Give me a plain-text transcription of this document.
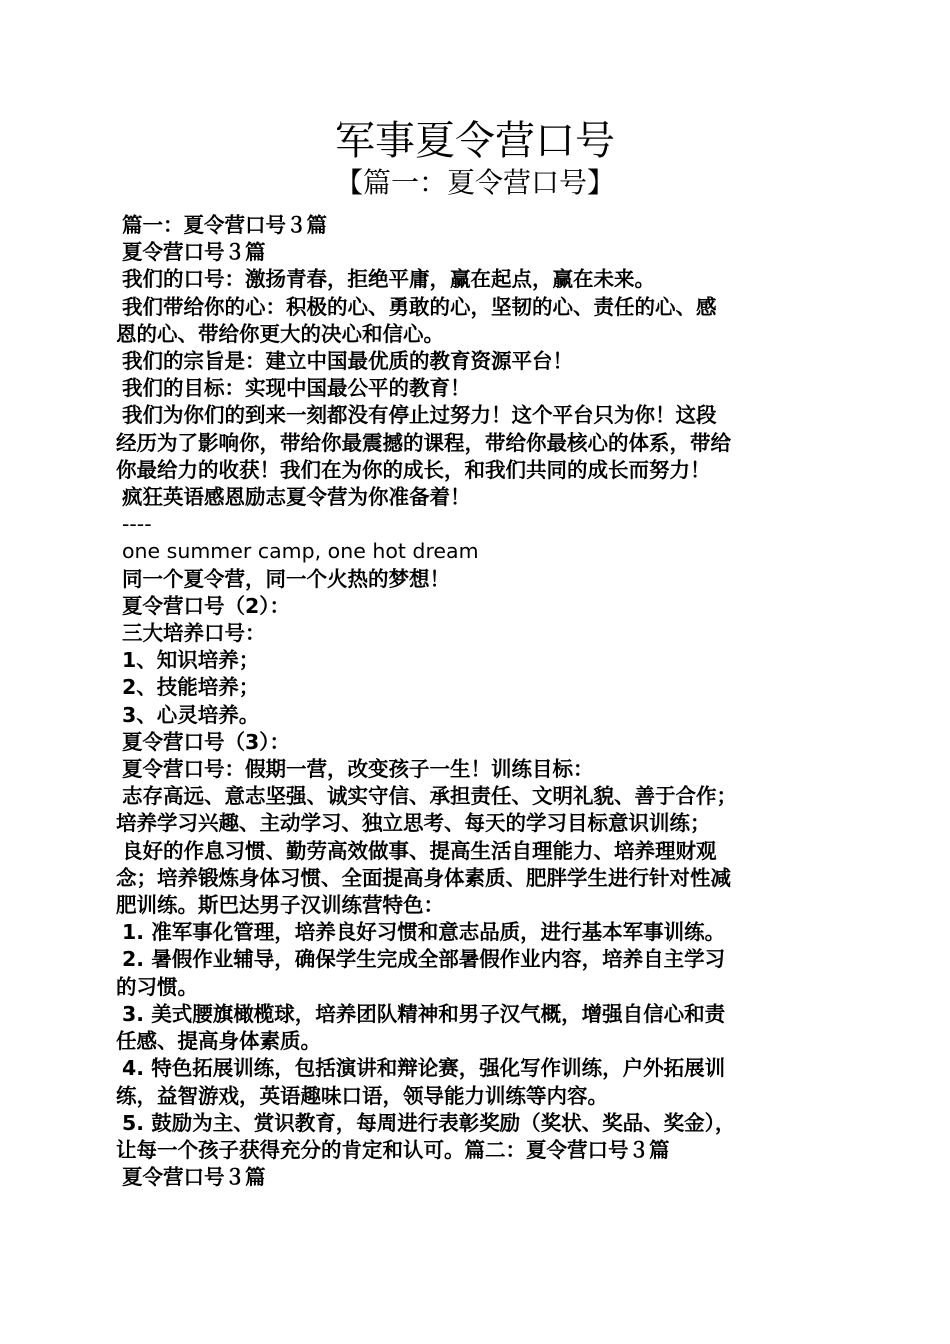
军事夏令营口号
【篇一：夏令营口号】
篇一：夏令营口号３篇
夏令营口号３篇
我们的口号：激扬青春，拒绝平庸，赢在起点，赢在未来。
我们带给你的心：积极的心、勇敢的心，坚韧的心、责任的心、感
恩的心、带给你更大的决心和信心。
我们的宗旨是：建立中国最优质的教育资源平台！
我们的目标：实现中国最公平的教育！
我们为你们的到来一刻都没有停止过努力！这个平台只为你！这段
经历为了影响你，带给你最震撼的课程，带给你最核心的体系，带给
你最给力的收获！我们在为你的成长，和我们共同的成长而努力！
疯狂英语感恩励志夏令营为你准备着！
----
one summer camp, one hot dream
同一个夏令营，同一个火热的梦想！
夏令营口号（2）：
三大培养口号：
1、知识培养；
2、技能培养；
3、心灵培养。
夏令营口号（3）：
夏令营口号：假期一营，改变孩子一生！训练目标：
志存高远、意志坚强、诚实守信、承担责任、文明礼貌、善于合作；
培养学习兴趣、主动学习、独立思考、每天的学习目标意识训练；
良好的作息习惯、勤劳高效做事、提高生活自理能力、培养理财观
念；培养锻炼身体习惯、全面提高身体素质、肥胖学生进行针对性减
肥训练。斯巴达男子汉训练营特色：
1. 准军事化管理，培养良好习惯和意志品质，进行基本军事训练。
2. 暑假作业辅导，确保学生完成全部暑假作业内容，培养自主学习
的习惯。
3. 美式腰旗橄榄球，培养团队精神和男子汉气概，增强自信心和责
任感、提高身体素质。
4. 特色拓展训练，包括演讲和辩论赛，强化写作训练，户外拓展训
练，益智游戏，英语趣味口语，领导能力训练等内容。
5. 鼓励为主、赏识教育，每周进行表彰奖励（奖状、奖品、奖金），
让每一个孩子获得充分的肯定和认可。篇二：夏令营口号３篇
夏令营口号３篇
